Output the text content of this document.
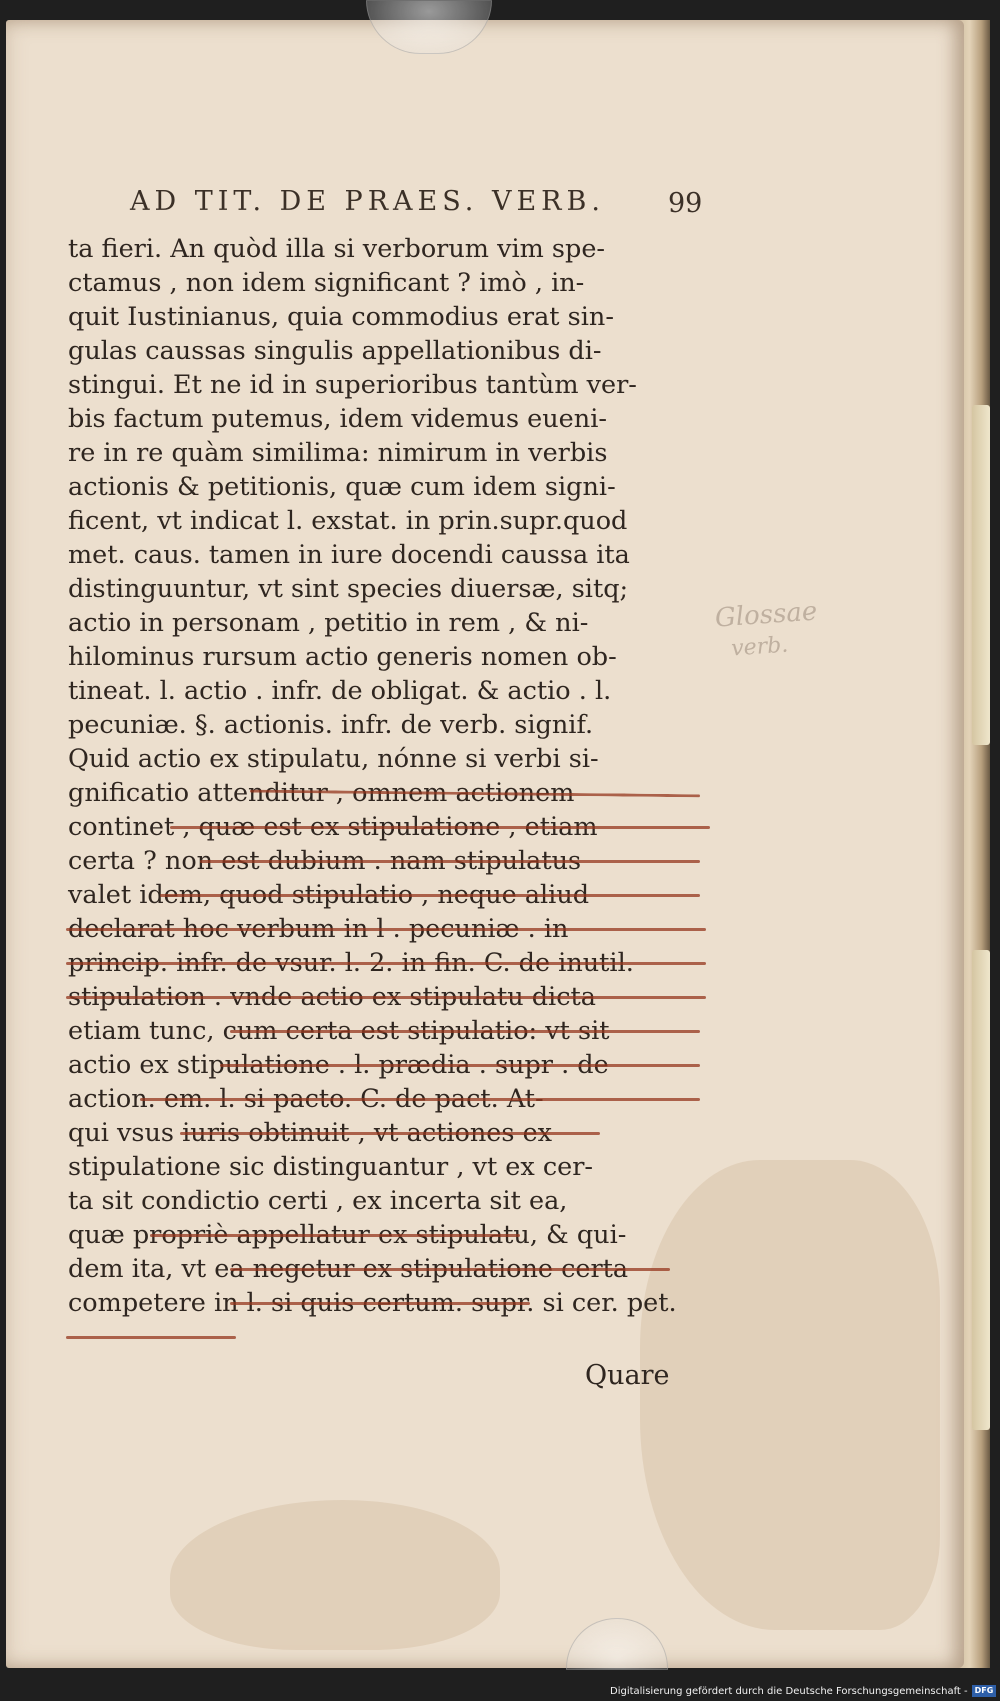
AD TIT. DE PRAES. VERB.	99
ta fieri. An quòd illa si verborum vim spe-
ctamus , non idem significant ? imò , in-
quit Iustinianus, quia commodius erat sin-
gulas caussas singulis appellationibus di-
stingui. Et ne id in superioribus tantùm ver-
bis factum putemus, idem videmus eueni-
re in re quàm similima: nimirum in verbis
actionis & petitionis, quæ cum idem signi-
ficent, vt indicat l. exstat. in prin.supr.quod
met. caus. tamen in iure docendi caussa ita
distinguuntur, vt sint species diuersæ, sitq;
actio in personam , petitio in rem , & ni-
hilominus rursum actio generis nomen ob-
tineat. l. actio . infr. de obligat. & actio . l.
pecuniæ. §. actionis. infr. de verb. signif.
Quid actio ex stipulatu, nónne si verbi si-
gnificatio attenditur , omnem actionem
continet , quæ est ex stipulatione , etiam
certa ? non est dubium . nam stipulatus
valet idem, quod stipulatio , neque aliud
declarat hoc verbum in l . pecuniæ . in
princip. infr. de vsur. l. 2. in fin. C. de inutil.
stipulation . vnde actio ex stipulatu dicta
etiam tunc, cum certa est stipulatio: vt sit
actio ex stipulatione . l. prædia . supr . de
action. em. l. si pacto. C. de pact. At-
qui vsus iuris obtinuit , vt actiones ex
stipulatione sic distinguantur , vt ex cer-
ta sit condictio certi , ex incerta sit ea,
quæ propriè appellatur ex stipulatu, & qui-
dem ita, vt ea negetur ex stipulatione certa
competere in l. si quis certum. supr. si cer. pet.
Quare
Glossae
verb.
Digitalisierung gefördert durch die Deutsche Forschungsgemeinschaft - DFG
